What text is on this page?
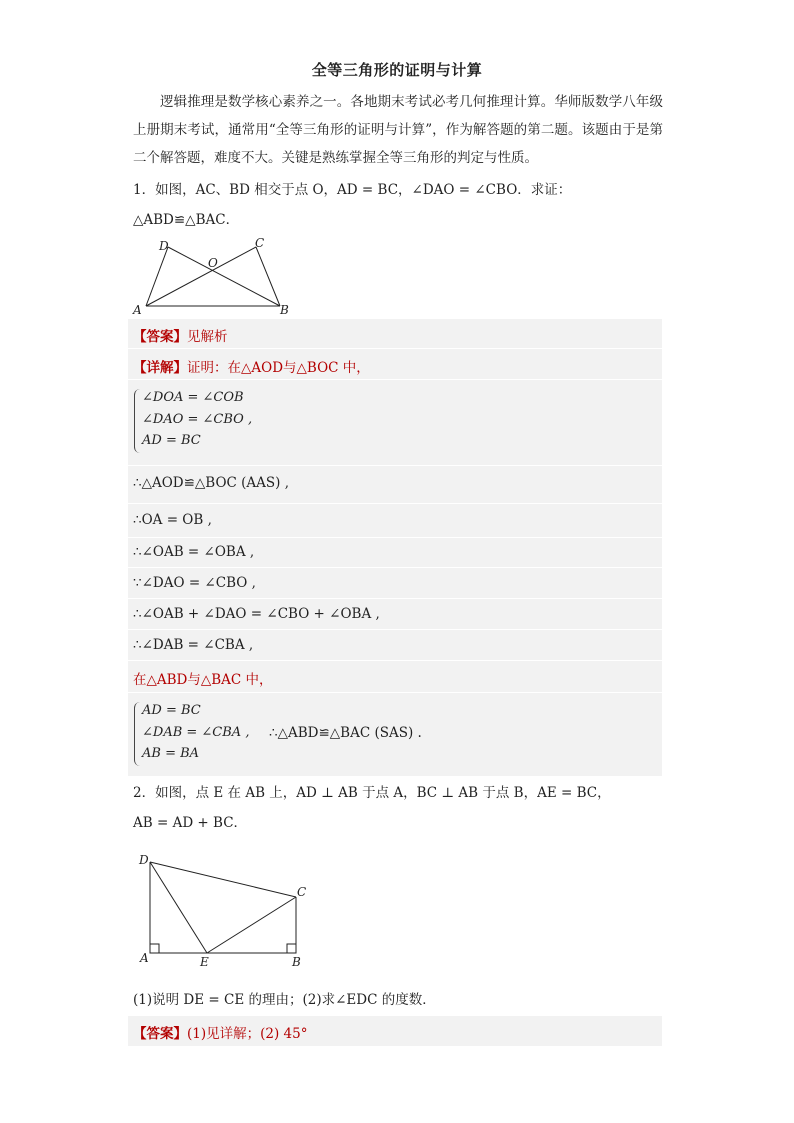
全等三角形的证明与计算
逻辑推理是数学核心素养之一。各地期末考试必考几何推理计算。华师版数学八年级上册期末考试，通常用“全等三角形的证明与计算”，作为解答题的第二题。该题由于是第二个解答题，难度不大。关键是熟练掌握全等三角形的判定与性质。
1．如图，AC、BD 相交于点 O，AD = BC，∠DAO = ∠CBO．求证：
△ABD≌△BAC．
D	C
O
A	B
【答案】见解析
【详解】证明：在△AOD与△BOC 中，
∠DOA = ∠COB
∠DAO = ∠CBO ,
AD = BC
∴△AOD≌△BOC (AAS) ,
∴OA = OB ,
∴∠OAB = ∠OBA ,
∵∠DAO = ∠CBO ,
∴∠OAB + ∠DAO = ∠CBO + ∠OBA ,
∴∠DAB = ∠CBA ,
在△ABD与△BAC 中，
AD = BC
∠DAB = ∠CBA ,
AB = BA
∴△ABD≌△BAC (SAS) .
2．如图，点 E 在 AB 上，AD ⊥ AB 于点 A，BC ⊥ AB 于点 B，AE = BC，
AB = AD + BC．
D
C
A	E	B
(1)说明 DE = CE 的理由；(2)求∠EDC 的度数．
【答案】(1)见详解；(2) 45°
